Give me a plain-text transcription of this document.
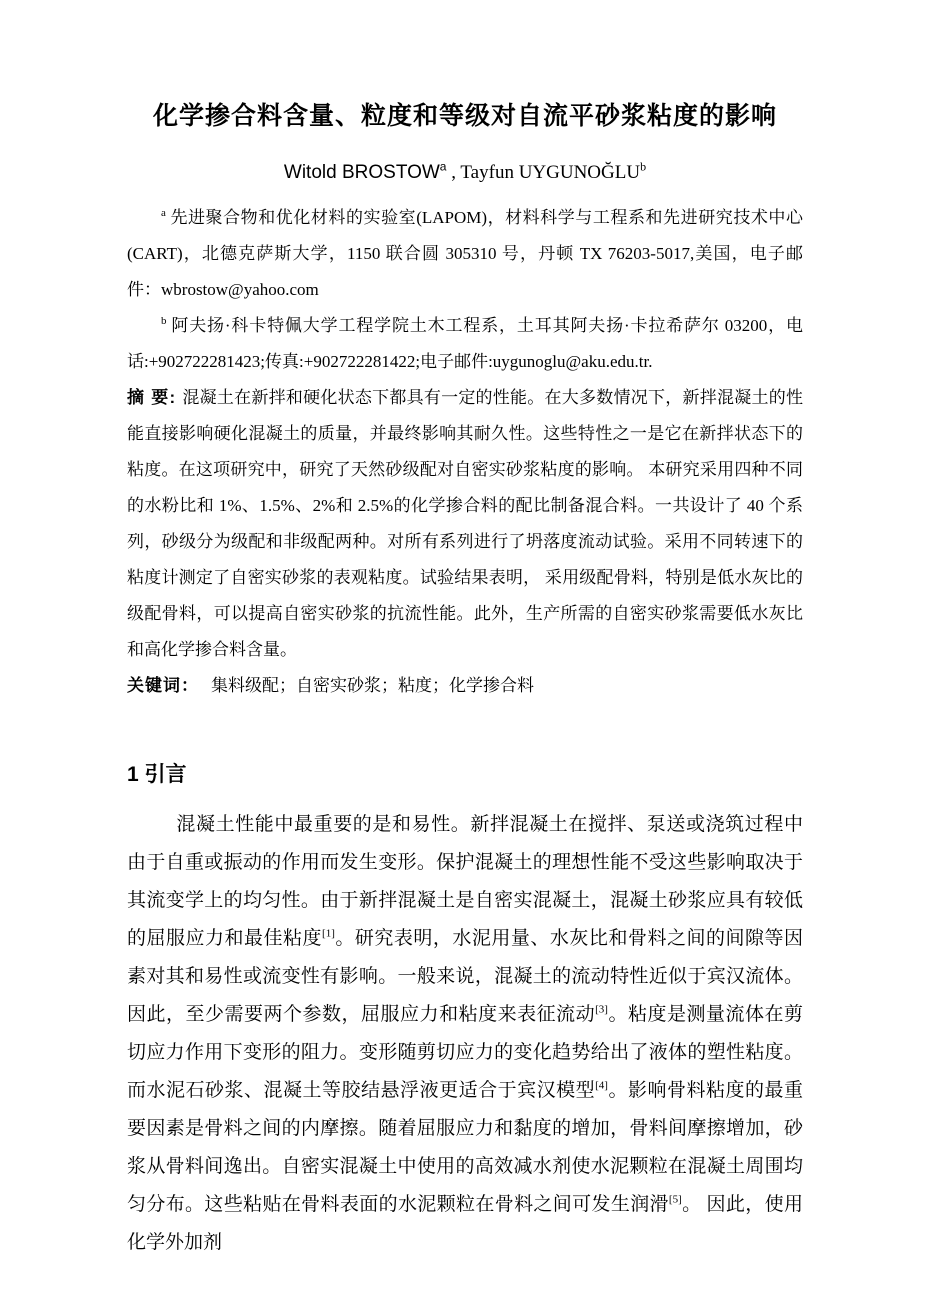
化学掺合料含量、粒度和等级对自流平砂浆粘度的影响
Witold BROSTOW$^a$ , Tayfun UYGUNOĞLU$^b$

$^a$ 先进聚合物和优化材料的实验室(LAPOM)，材料科学与工程系和先进研究技术中心(CART)，北德克萨斯大学，1150 联合圆 305310 号，丹顿 TX 76203-5017,美国，电子邮件：wbrostow@yahoo.com

$^b$ 阿夫扬·科卡特佩大学工程学院土木工程系，土耳其阿夫扬·卡拉希萨尔 03200，电话:+902722281423;传真:+902722281422;电子邮件:uygunoglu@aku.edu.tr.

摘 要: 混凝土在新拌和硬化状态下都具有一定的性能。在大多数情况下，新拌混凝土的性能直接影响硬化混凝土的质量，并最终影响其耐久性。这些特性之一是它在新拌状态下的粘度。在这项研究中，研究了天然砂级配对自密实砂浆粘度的影响。 本研究采用四种不同的水粉比和 1%、1.5%、2%和 2.5%的化学掺合料的配比制备混合料。一共设计了 40 个系列，砂级分为级配和非级配两种。对所有系列进行了坍落度流动试验。采用不同转速下的粘度计测定了自密实砂浆的表观粘度。试验结果表明， 采用级配骨料，特别是低水灰比的级配骨料，可以提高自密实砂浆的抗流性能。此外，生产所需的自密实砂浆需要低水灰比和高化学掺合料含量。

关键词： 集料级配；自密实砂浆；粘度；化学掺合料

1 引言

混凝土性能中最重要的是和易性。新拌混凝土在搅拌、泵送或浇筑过程中由于自重或振动的作用而发生变形。保护混凝土的理想性能不受这些影响取决于其流变学上的均匀性。由于新拌混凝土是自密实混凝土，混凝土砂浆应具有较低的屈服应力和最佳粘度[1]。研究表明，水泥用量、水灰比和骨料之间的间隙等因素对其和易性或流变性有影响。一般来说，混凝土的流动特性近似于宾汉流体。因此，至少需要两个参数，屈服应力和粘度来表征流动[3]。粘度是测量流体在剪切应力作用下变形的阻力。变形随剪切应力的变化趋势给出了液体的塑性粘度。而水泥石砂浆、混凝土等胶结悬浮液更适合于宾汉模型[4]。影响骨料粘度的最重要因素是骨料之间的内摩擦。随着屈服应力和黏度的增加，骨料间摩擦增加，砂浆从骨料间逸出。自密实混凝土中使用的高效减水剂使水泥颗粒在混凝土周围均匀分布。这些粘贴在骨料表面的水泥颗粒在骨料之间可发生润滑[5]。 因此，使用化学外加剂
